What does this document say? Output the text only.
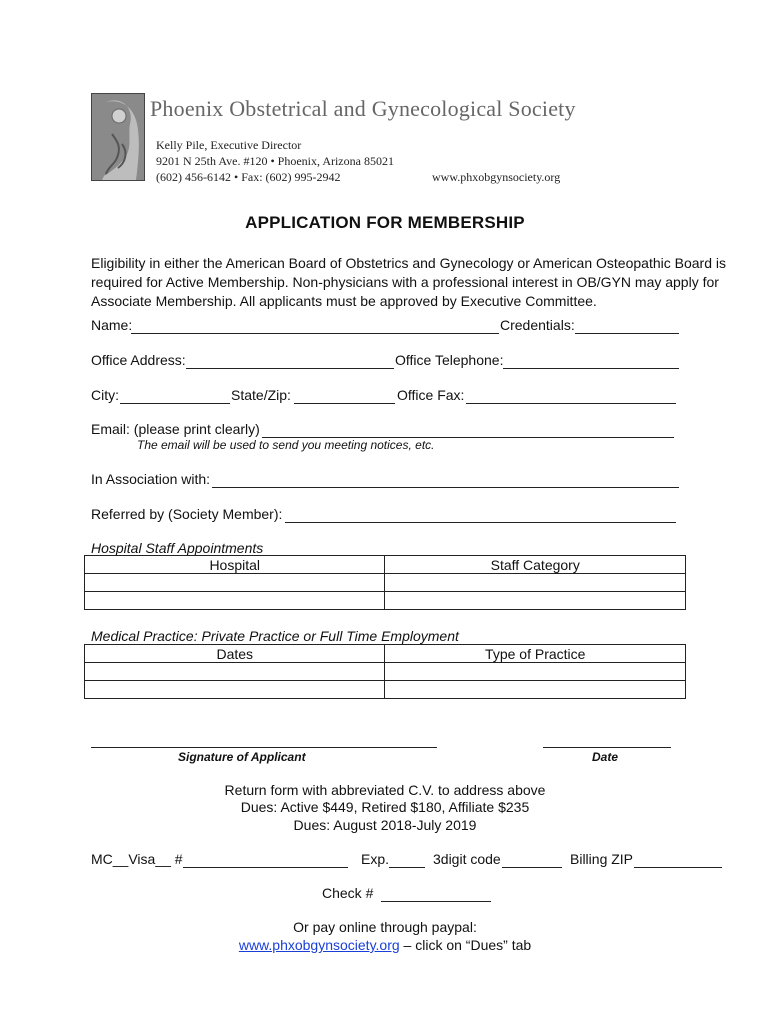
Phoenix Obstetrical and Gynecological Society
Kelly Pile, Executive Director
9201 N 25th Ave. #120 • Phoenix, Arizona 85021
(602) 456-6142 • Fax: (602) 995-2942	www.phxobgynsociety.org
APPLICATION FOR MEMBERSHIP
Eligibility in either the American Board of Obstetrics and Gynecology or American Osteopathic Board is required for Active Membership. Non-physicians with a professional interest in OB/GYN may apply for Associate Membership. All applicants must be approved by Executive Committee.
Name:	Credentials:
Office Address:	Office Telephone:
City:	State/Zip:	Office Fax:
Email: (please print clearly)
The email will be used to send you meeting notices, etc.
In Association with:
Referred by (Society Member):
Hospital Staff Appointments
Hospital	Staff Category

Medical Practice: Private Practice or Full Time Employment
Dates	Type of Practice

Signature of Applicant	Date
Return form with abbreviated C.V. to address above
Dues: Active $449, Retired $180, Affiliate $235
Dues: August 2018-July 2019
MC__Visa__ #	Exp.	3digit code	Billing ZIP
Check #
Or pay online through paypal:
www.phxobgynsociety.org – click on “Dues” tab
